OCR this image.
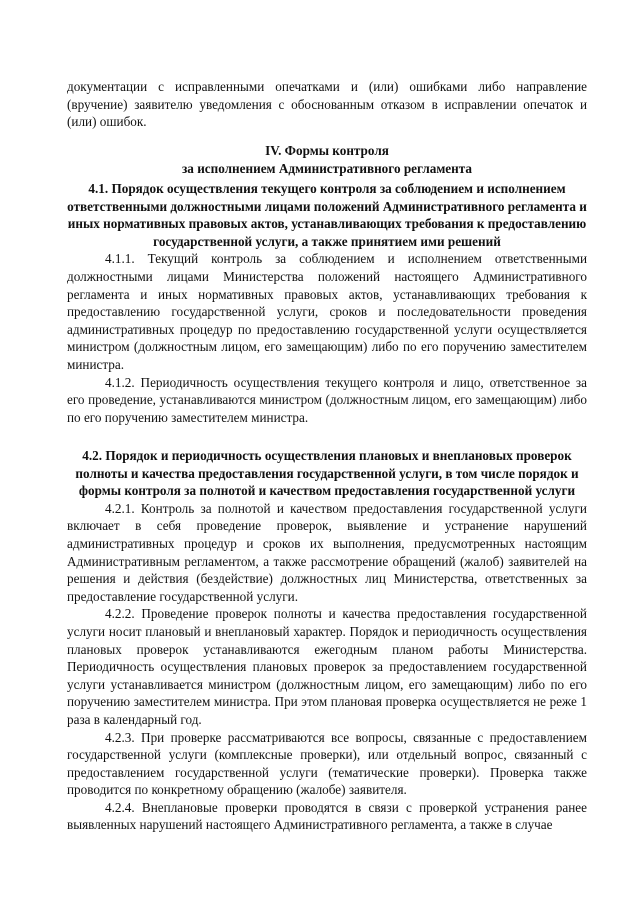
документации с исправленными опечатками и (или) ошибками либо направление (вручение) заявителю уведомления с обоснованным отказом в исправлении опечаток и (или) ошибок.

IV. Формы контроля

за исполнением Административного регламента

4.1. Порядок осуществления текущего контроля за соблюдением и исполнением ответственными должностными лицами положений Административного регламента и иных нормативных правовых актов, устанавливающих требования к предоставлению государственной услуги, а также принятием ими решений

4.1.1. Текущий контроль за соблюдением и исполнением ответственными должностными лицами Министерства положений настоящего Административного регламента и иных нормативных правовых актов, устанавливающих требования к предоставлению государственной услуги, сроков и последовательности проведения административных процедур по предоставлению государственной услуги осуществляется министром (должностным лицом, его замещающим) либо по его поручению заместителем министра.

4.1.2. Периодичность осуществления текущего контроля и лицо, ответственное за его проведение, устанавливаются министром (должностным лицом, его замещающим) либо по его поручению заместителем министра.

4.2. Порядок и периодичность осуществления плановых и внеплановых проверок полноты и качества предоставления государственной услуги, в том числе порядок и формы контроля за полнотой и качеством предоставления государственной услуги

4.2.1. Контроль за полнотой и качеством предоставления государственной услуги включает в себя проведение проверок, выявление и устранение нарушений административных процедур и сроков их выполнения, предусмотренных настоящим Административным регламентом, а также рассмотрение обращений (жалоб) заявителей на решения и действия (бездействие) должностных лиц Министерства, ответственных за предоставление государственной услуги.

4.2.2. Проведение проверок полноты и качества предоставления государственной услуги носит плановый и внеплановый характер. Порядок и периодичность осуществления плановых проверок устанавливаются ежегодным планом работы Министерства. Периодичность осуществления плановых проверок за предоставлением государственной услуги устанавливается министром (должностным лицом, его замещающим) либо по его поручению заместителем министра. При этом плановая проверка осуществляется не реже 1 раза в календарный год.

4.2.3. При проверке рассматриваются все вопросы, связанные с предоставлением государственной услуги (комплексные проверки), или отдельный вопрос, связанный с предоставлением государственной услуги (тематические проверки). Проверка также проводится по конкретному обращению (жалобе) заявителя.

4.2.4. Внеплановые проверки проводятся в связи с проверкой устранения ранее выявленных нарушений настоящего Административного регламента, а также в случае
